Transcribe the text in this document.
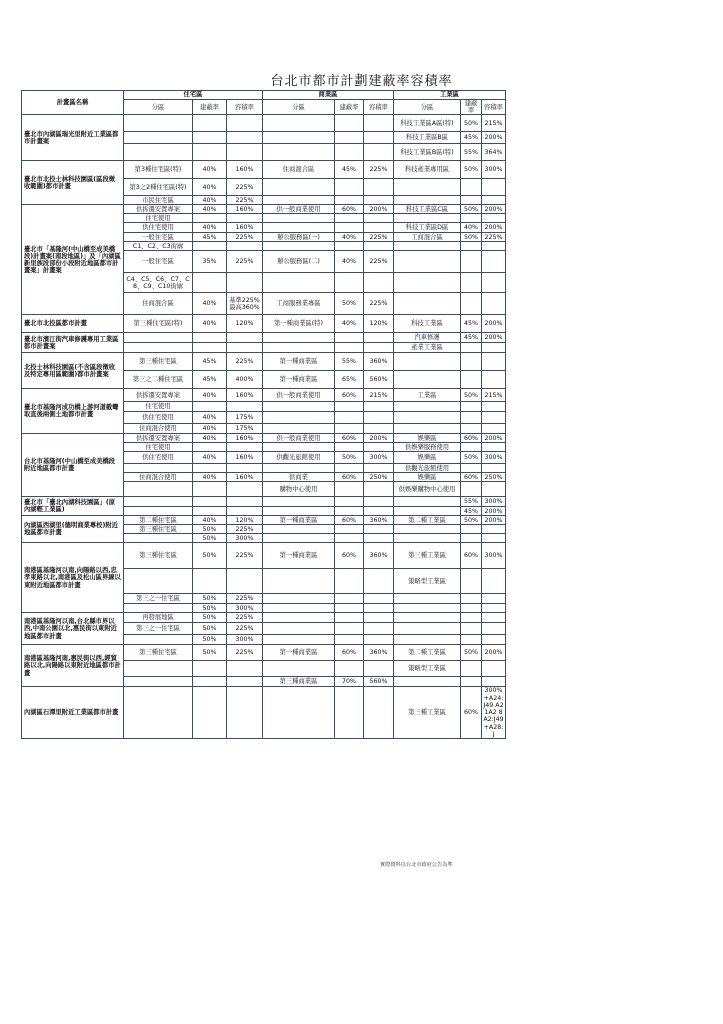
台北市都市計劃建蔽率容積率
計畫區名稱	住宅區			商業區			工業區		
	分區	建蔽率	容積率	分區	建蔽率	容積率	分區	建蔽率	容積率
臺北市內湖區瑞光里附近工業區都市計畫案							科技工業區A區(特)	50%	215%
							科技工業區B區	45%	200%
							科技工業區B區(特)	55%	364%
臺北市北投士林科技園區(區段徵收範圍)都市計畫	第3種住宅區(特)	40%	160%	住商混合區	45%	225%	科技產業專用區	50%	300%
	第3之2種住宅區(特)	40%	225%						
	市民住宅區	40%	225%						
臺北市「基隆河(中山橋至成美橋段)計畫案(南段地區)」及「內湖區新里族段部份小段附近地區都市計畫案」計畫案	供拆遷安置專案	40%	160%	供一般商業使用	60%	200%	科技工業區C區	50%	200%
	住宅使用								
	供住宅使用	40%	160%				科技工業區D區	40%	200%
	一般住宅區	45%	225%	辦公服務區(一)	40%	225%	工商混合區	50%	225%
	C1、C2、C3街廓								
	一般住宅區	35%	225%	辦公服務區(二)	40%	225%			
	C4、C5、C6、C7、C8、C9、C10街廓								
	住商混合區	40%	基準225% 最高360%	工商服務業專區	50%	225%			
臺北市北投區都市計畫	第三種住宅區(特)	40%	120%	第一種商業區(特)	40%	120%	科技工業區	45%	200%
臺北市濱江街汽車修護專用工業區都市計畫案							汽車修護	45%	200%
							產業工業區		
北投士林科技園區(不含區段徵收及特定專用區範圍)都市計畫案	第三種住宅區	45%	225%	第一種商業區	55%	360%			
	第三之二種住宅區	45%	400%	第一種商業區	65%	560%			
臺北市基隆河成功橋上游河道截彎取直後兩側土地都市計畫	供拆遷安置專案	40%	160%	供一般商業使用	60%	215%	工業區	50%	215%
	住宅使用								
	供住宅使用	40%	175%						
	住商混合使用	40%	175%						
台北市基隆河(中山橋至成美橋段附近地區都市計畫	供拆遷安置專案	40%	160%	供一般商業使用	60%	200%	娛樂區	60%	200%
	住宅使用						供娛樂服務使用		
	供住宅使用	40%	160%	供觀光旅館使用	50%	300%	娛樂區	50%	300%
							供觀光旅館使用		
	住商混合使用	40%	160%	供商業	60%	250%	娛樂區	60%	250%
				購物中心使用			供娛樂購物中心使用		
臺北市「臺北內湖科技園區」(原內湖輕工業區)								55%	300%
								45%	200%
內湖區西湖里(德明商業專校)附近地區都市計畫	第二種住宅區	40%	120%	第一種商業區	60%	360%	第二種工業區	50%	200%
	第三種住宅區	50%	225%						
		50%	300%						
南港區基隆河以南,向陽路以西,忠孝東路以北,南港區及松山區界線以東附近地區都市計畫	第三種住宅區	50%	225%	第一種商業區	60%	360%	第三種工業區	60%	300%
							策略型工業區		
	第三之一住宅區	50%	225%						
		50%	300%						
南港區基隆河以南,台北縣市界以西,中南公園以北,惠民街以東附近地區都市計畫	再發展地區	50%	225%						
	第三之一住宅區	50%	225%						
		50%	300%						
南港區基隆河南,惠民街以西,經貿路以北,向陽路以東附近地區都市計畫	第三種住宅區	50%	225%	第一種商業區	60%	360%	第二種工業區	50%	200%
							策略型工業區		
				第三種商業區	70%	560%			
內湖區石潭里附近工業區都市計畫							第三種工業區	60%	300%+A24:J49 A21A2 8A2:J49 +A28:J
實際資料以台北市政府公告為準
